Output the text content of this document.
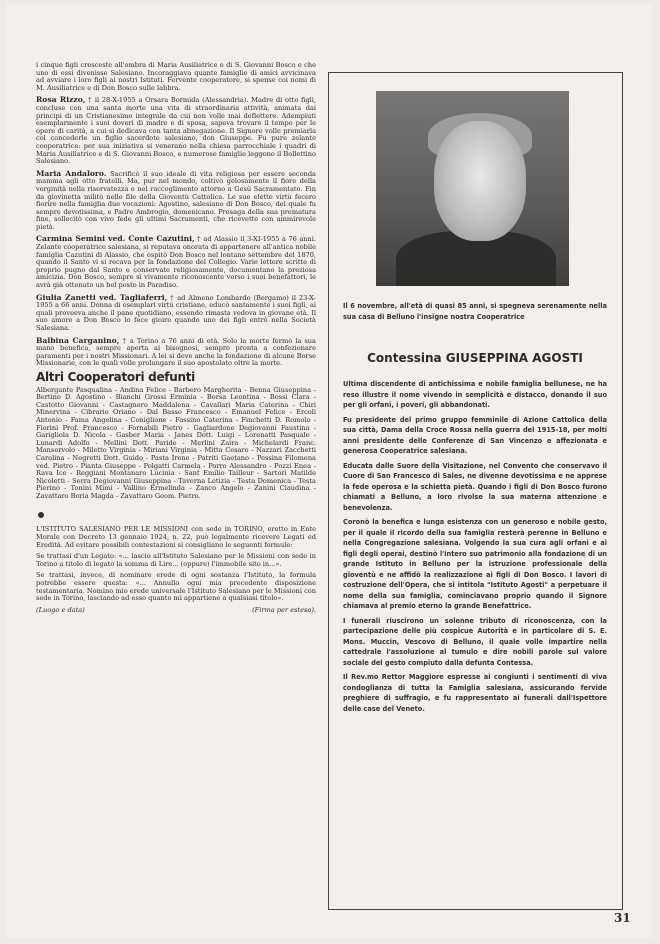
i cinque figli cresceste all'ombra di Maria Ausiliatrice e di S. Giovanni Bosco e che uno di essi divenisse Salesiano. Incoraggiava quante famiglie di amici avvicinava ad avviare i loro figli ai nostri Istituti. Fervente cooperatore, si spense coi nomi di M. Ausiliatrice e di Don Bosco sulle labbra.

Rosa Rizzo, † il 28-X-1955 a Orsara Bormida (Alessandria). Madre di otto figli, concluse con una santa morte una vita di straordinaria attività, animata dai principi di un Cristianesimo integrale da cui non volle mai deflettere. Adempiuti esemplarmente i suoi doveri di madre e di sposa, sapeva trovare il tempo per le opere di carità, a cui si dedicava con tanta abnegazione. Il Signore volle premiarla col concederle un figlio sacerdote salesiano, don Giuseppe. Fu pure zelante cooperatrice: per sua iniziativa si venerano nella chiesa parrocchiale i quadri di Maria Ausiliatrice e di S. Giovanni Bosco, e numerose famiglie leggono il Bollettino Salesiano.

Maria Andaloro. Sacrificò il suo ideale di vita religiosa per essere seconda mamma agli otto fratelli. Ma, pur nel mondo, coltivò gelosamente il fiore della verginità nella riservatezza e nel raccoglimento attorno a Gesù Sacramentato. Fin da giovinetta militò nelle file della Gioventù Cattolica. Le sue elette virtù fecero fiorire nella famiglia due vocazioni: Agostino, salesiano di Don Bosco, del quale fu sempre devotissima, e Padre Ambrogio, domenicano. Presaga della sua prematura fine, sollecitò con vivo fede gli ultimi Sacramenti, che ricevette con ammirevole pietà.

Carmina Semini ved. Conte Cazutini, † ad Alassio il 3-XI-1955 a 76 anni. Zelante cooperatrice salesiana, si reputava onorata di appartenere all'antica nobile famiglia Cazutini di Alassio, che ospitò Don Bosco nel lontano settembre del 1870, quando il Santo vi si recava per la fondazione del Collegio. Varie lettere scritte di proprio pugno dal Santo e conservate religiosamente, documentano la preziosa amicizia. Don Bosco, sempre sì vivamente riconoscente verso i suoi benefattori, le avrà già ottenuto un bel posto in Paradiso.

Giulia Zanetti ved. Tagliaferri, † ad Almeno Lombardo (Bergamo) il 23-X-1955 a 66 anni. Donna di esemplari virtù cristiane, educò santamente i suoi figli, ai quali proveeva anche il pane quotidiano, essendo rimasta vedova in giovane età. Il suo amore a Don Bosco lo fece gioire quando uno dei figli entrò nella Società Salesiana.

Balbina Carganino, † a Torino a 76 anni di età. Solo la morte fermò la sua mano benefica, sempre aperta ai bisognosi, sempre pronta a confezionare paramenti per i nostri Missionari. A lei si deve anche la fondazione di alcune Borse Missionarie, con le quali volle prolungare il suo apostolato oltre la morte.

Altri Cooperatori defunti

Albergante Pasqualina - Andina Felice - Barbero Margherita - Benna Giuseppina - Bertino D. Agostino - Bianchi Grossi Erminia - Borsa Leontina - Bossi Clara - Castotto Giovanni - Castagnero Maddalena - Cavallari Maria Caterina - Chiri Minervina - Cibrario Oriano - Dal Basso Francesco - Emanuel Felice - Ercoli Antonio - Fama Angelina - Coniglione - Fassino Caterina - Finchetti D. Romolo - Fiorini Prof. Francesco - Fornabili Pietro - Gagliardone Degiovanni Faustina - Garigliola D. Nicola - Gasber Maria - Janes Dott. Luigi - Lorenatti Pasquale - Lunardi Adolfo - Mellini Dott. Paride - Merlini Zaira - Michelardi Franc. Manservolo - Miletto Virginia - Miriani Virginia - Mitta Cesare - Nazzari Zacchetti Carolina - Negretti Dott. Guido - Pasta Irene - Patriti Gaetano - Pessina Filomena ved. Pietro - Pianta Giuseppe - Polgatti Carmela - Porro Alessandro - Pozzi Enea - Rava Ice - Reggiani Montanaro Lucinia - Sant Emilio Tailleur - Sartori Matilde Nicoletti - Serra Degiovanni Giuseppina - Taverna Letizia - Testa Domenica - Testa Pierino - Tonini Mimi - Vallino Ermelinda - Zanco Angelo - Zanini Claudina - Zavattaro Boria Magda - Zavattaro Geom. Pietro.

L'ISTITUTO SALESIANO PER LE MISSIONI con sede in TORINO, eretto in Ente Morale con Decreto 13 gennaio 1924, n. 22, può legalmente ricevere Legati ed Eredità. Ad evitare possibili contestazioni si consigliano le seguenti formule:

Se trattasi d'un Legato: «... lascio all'Istituto Salesiano per le Missioni con sede in Torino a titolo di legato la somma di Lire... (oppure) l'immobile sito in...».

Se trattasi, invece, di nominare erede di ogni sostanza l'Istituto, la formula potrebbe essere questa: «... Annullo ogni mia precedente disposizione testamentaria. Nomino mio erede universale l'Istituto Salesiano per le Missioni con sede in Torino, lasciando ad esso quanto mi appartiene a qualsiasi titolo».

(Luogo e data)	(Firma per esteso).

Il 6 novembre, all'età di quasi 85 anni, si spegneva serenamente nella sua casa di Belluno l'insigne nostra Cooperatrice
Contessina GIUSEPPINA AGOSTI

Ultima discendente di antichissima e nobile famiglia bellunese, ne ha reso illustre il nome vivendo in semplicità e distacco, donando il suo per gli orfani, i poveri, gli abbandonati.

Fu presidente del primo gruppo femminile di Azione Cattolica della sua città, Dama della Croce Rossa nella guerra del 1915-18, per molti anni presidente delle Conferenze di San Vincenzo e affezionata e generosa Cooperatrice salesiana.

Educata dalle Suore della Visitazione, nel Convento che conservavo il Cuore di San Francesco di Sales, ne divenne devotissima e ne apprese la fede operosa e la schietta pietà. Quando i figli di Don Bosco furono chiamati a Belluno, a loro rivolse la sua materna attenzione e benevolenza.

Coronò la benefica e lunga esistenza con un generoso e nobile gesto, per il quale il ricordo della sua famiglia resterà perenne in Belluno e nella Congregazione salesiana. Volgendo la sua cura agli orfani e ai figli degli operai, destinò l'intero suo patrimonio alla fondazione di un grande Istituto in Belluno per la istruzione professionale della gioventù e ne affidò la realizzazione ai figli di Don Bosco. I lavori di costruzione dell'Opera, che si intitola "Istituto Agosti" a perpetuare il nome della sua famiglia, cominciavano proprio quando il Signore chiamava al premio eterno la grande Benefattrice.

I funerali riuscirono un solenne tributo di riconoscenza, con la partecipazione delle più cospicue Autorità e in particolare di S. E. Mons. Muccin, Vescovo di Belluno, il quale volle impartire nella cattedrale l'assoluzione al tumulo e dire nobili parole sul valore sociale del gesto compiuto dalla defunta Contessa.

Il Rev.mo Rettor Maggiore espresse ai congiunti i sentimenti di viva condoglianza di tutta la Famiglia salesiana, assicurando fervide preghiere di suffragio, e fu rappresentato ai funerali dall'Ispettore delle case del Veneto.

31
